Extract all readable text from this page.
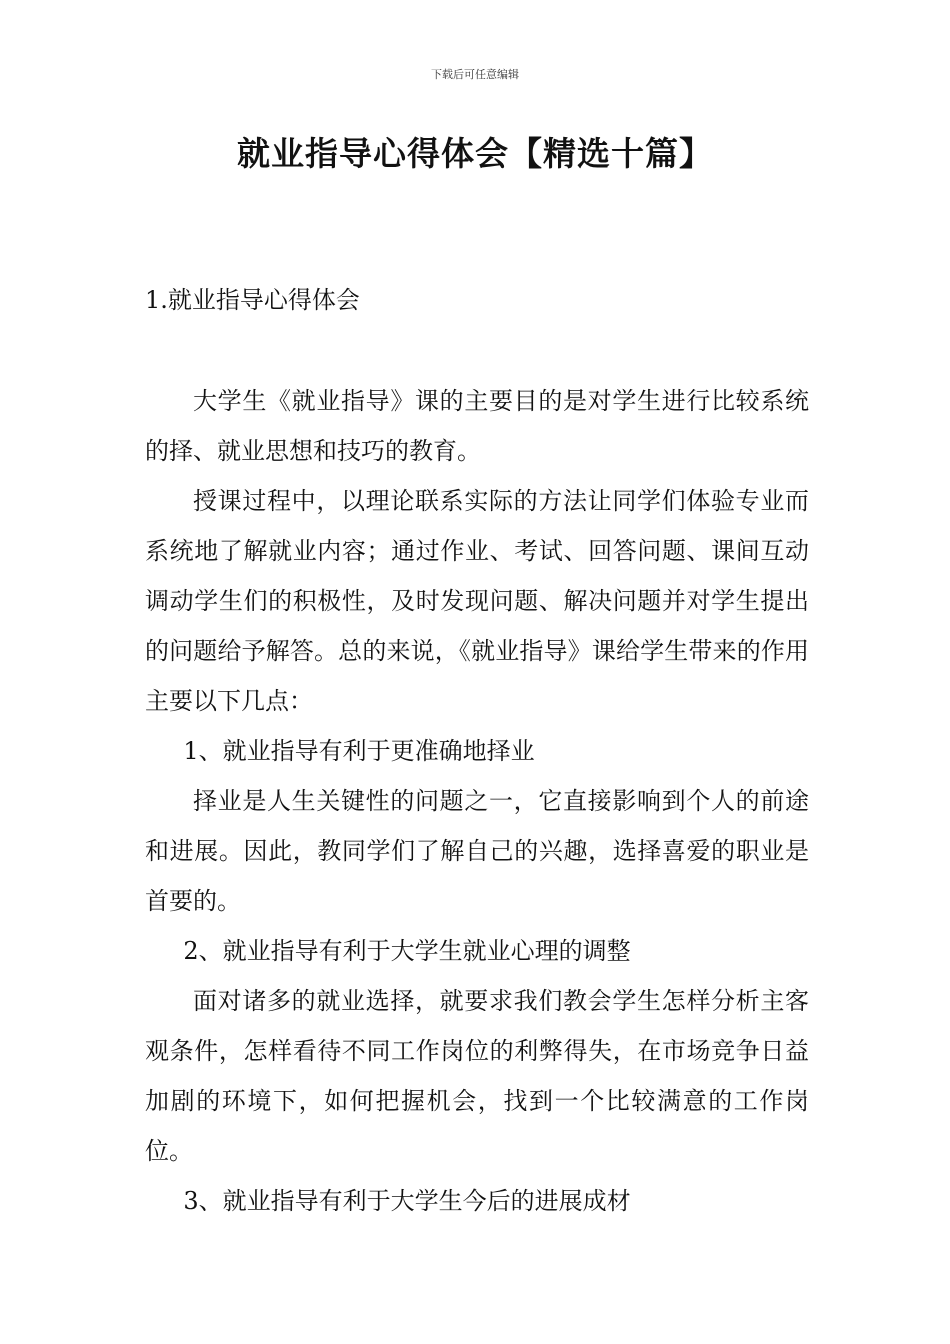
下载后可任意编辑
就业指导心得体会【精选十篇】
1.就业指导心得体会

大学生《就业指导》课的主要目的是对学生进行比较系统的择、就业思想和技巧的教育。

授课过程中，以理论联系实际的方法让同学们体验专业而系统地了解就业内容；通过作业、考试、回答问题、课间互动调动学生们的积极性，及时发现问题、解决问题并对学生提出的问题给予解答。总的来说，《就业指导》课给学生带来的作用主要以下几点：

1、就业指导有利于更准确地择业

择业是人生关键性的问题之一，它直接影响到个人的前途和进展。因此，教同学们了解自己的兴趣，选择喜爱的职业是首要的。

2、就业指导有利于大学生就业心理的调整

面对诸多的就业选择，就要求我们教会学生怎样分析主客观条件，怎样看待不同工作岗位的利弊得失，在市场竞争日益加剧的环境下，如何把握机会，找到一个比较满意的工作岗位。

3、就业指导有利于大学生今后的进展成材
